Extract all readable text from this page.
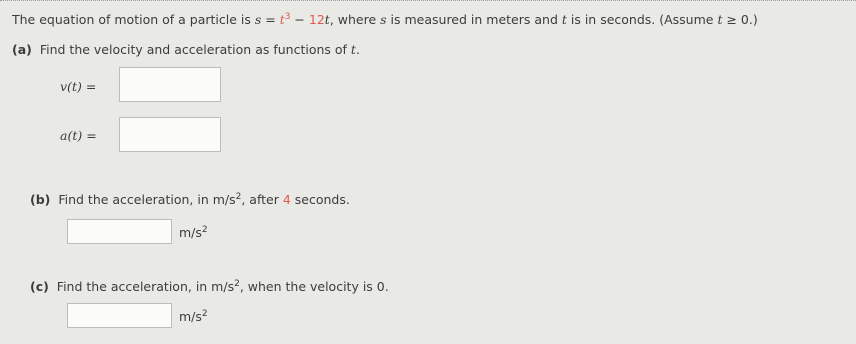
The equation of motion of a particle is $s = t^3 - 12t$, where s is measured in meters and t is in seconds. (Assume t ≥ 0.)
(a) Find the velocity and acceleration as functions of t.
v(t) =
a(t) =
(b) Find the acceleration, in $m/s^2$, after 4 seconds.
$m/s^2$
(c) Find the acceleration, in $m/s^2$, when the velocity is 0.
$m/s^2$
